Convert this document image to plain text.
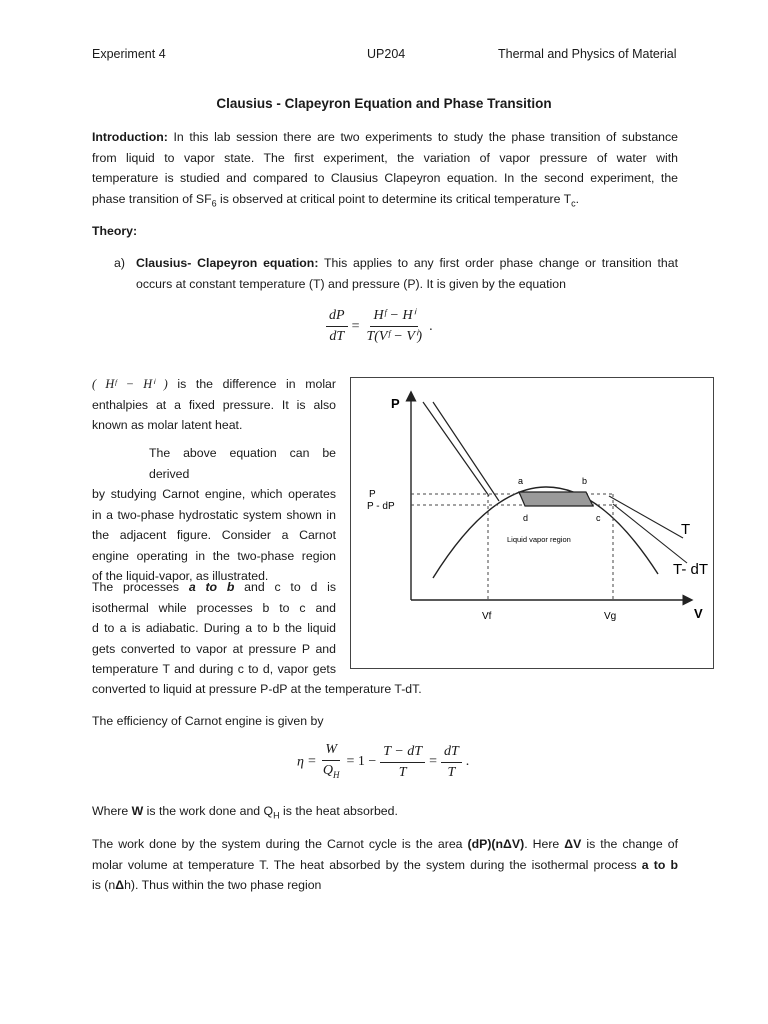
Experiment 4	UP204	Thermal and Physics of Material
Clausius - Clapeyron Equation and Phase Transition
Introduction: In this lab session there are two experiments to study the phase transition of substance
from liquid to vapor state. The first experiment, the variation of vapor pressure of water with
temperature is studied and compared to Clausius Clapeyron equation. In the second experiment, the
phase transition of $SF_6$ is observed at critical point to determine its critical temperature $T_c$.
Theory:
a) Clausius- Clapeyron equation: This applies to any first order phase change or transition that
occurs at constant temperature (T) and pressure (P). It is given by the equation
$\frac{dP}{dT} = \frac{\text{Hᶠ − Hⁱ}}{\text{T(Vᶠ − Vⁱ)}}$ .
( Hᶠ − Hⁱ ) is the difference in molar
enthalpies at a fixed pressure. It is also
known as molar latent heat.
The above equation can be derived
by studying Carnot engine, which operates
in a two-phase hydrostatic system shown in
the adjacent figure. Consider a Carnot
engine operating in the two-phase region
of the liquid-vapor, as illustrated.
The processes a to b and c to d is
isothermal while processes b to c and
d to a is adiabatic. During a to b the liquid
gets converted to vapor at pressure P and
temperature T and during c to d, vapor gets
converted to liquid at pressure P-dP at the temperature T-dT.
P
V
P
P - dP
a	b
c
d
Liquid vapor region
Vf	Vg
T
T- dT
The efficiency of Carnot engine is given by
$\eta = \frac{W}{Q_H} = 1 - \frac{T - dT}{T} = \frac{dT}{T}$ .
Where W is the work done and $Q_H$ is the heat absorbed.
The work done by the system during the Carnot cycle is the area (dP)(nΔV). Here ΔV is the change of
molar volume at temperature T. The heat absorbed by the system during the isothermal process a to b
is (nΔh). Thus within the two phase region
